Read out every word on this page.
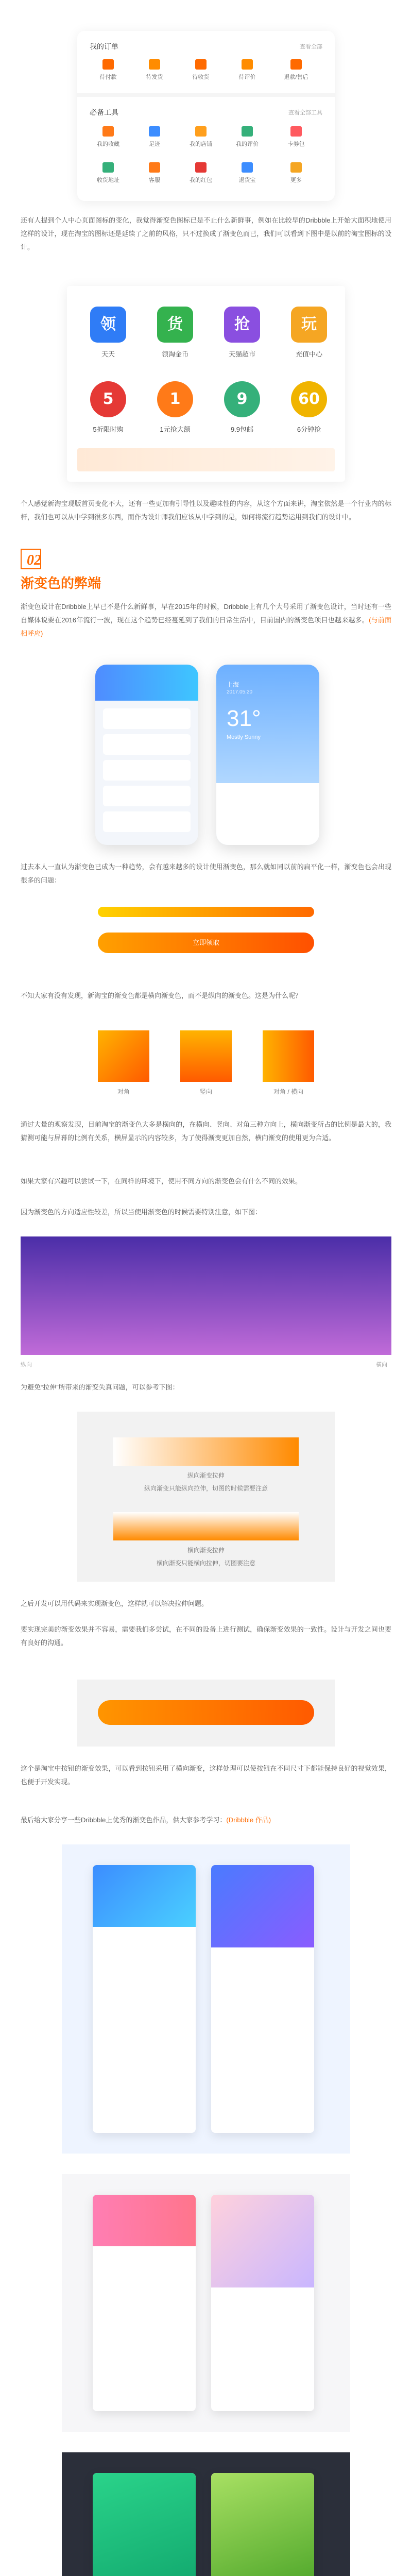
我的订单	查看全部
待付款	待发货	待收货	待评价	退款/售后
必备工具	查看全部工具
我的收藏	足迹	我的店铺	我的评价	卡券包
收货地址	客服	我的红包	退货宝	更多
还有人提到个人中心页面图标的变化，我觉得渐变色图标已是不止什么新鲜事，例如在比较早的Dribbble上开始大面积地使用这样的设计，现在淘宝的图标还是延续了之前的风格，只不过换成了渐变色而已，我们可以看到下图中是以前的淘宝图标的设计。
领	货	抢	玩
天天	领淘金币	天猫超市	充值中心
5	1	9	60
5折限时购	1元抢大额	9.9包邮	6分钟抢
个人感觉新淘宝现版首页变化不大，还有一些更加有引导性以及趣味性的内容，从这个方面来讲，淘宝依然是一个行业内的标杆，我们也可以从中学到很多东西，而作为设计师我们应该从中学到的是，如何将流行趋势运用到我们的设计中。
02
渐变色的弊端
渐变色设计在Dribbble上早已不是什么新鲜事，早在2015年的时候，Dribbble上有几个大号采用了渐变色设计，当时还有一些自媒体说要在2016年流行一波，现在这个趋势已经蔓延到了我们的日常生活中，目前国内的渐变色项目也越来越多。(与前面相呼应)
上海
2017.05.20
31°
Mostly Sunny
过去本人一直认为渐变色已成为一种趋势，会有越来越多的设计使用渐变色，那么就如同以前的扁平化一样，渐变色也会出现很多的问题：
立即领取
不知大家有没有发现，新淘宝的渐变色都是横向渐变色，而不是纵向的渐变色。这是为什么呢？
对角	竖向	对角 / 横向
通过大量的观察发现，目前淘宝的渐变色大多是横向的，在横向、竖向、对角三种方向上，横向渐变所占的比例是最大的，我猜测可能与屏幕的比例有关系，横屏显示的内容较多，为了使得渐变更加自然，横向渐变的使用更为合适。
如果大家有兴趣可以尝试一下，在同样的环境下，使用不同方向的渐变色会有什么不同的效果。
因为渐变色的方向适应性较差，所以当使用渐变色的时候需要特别注意，如下图：
纵向	横向
为避免“拉伸”所带来的渐变失真问题，可以参考下图：
纵向渐变拉伸
纵向渐变只能纵向拉伸，切图的时候需要注意
横向渐变拉伸
横向渐变只能横向拉伸，切图要注意
之后开发可以用代码来实现渐变色，这样就可以解决拉伸问题。
要实现完美的渐变效果并不容易，需要我们多尝试，在不同的设备上进行测试，确保渐变效果的一致性。设计与开发之间也要有良好的沟通。
这个是淘宝中按钮的渐变效果，可以看到按钮采用了横向渐变，这样处理可以使按钮在不同尺寸下都能保持良好的视觉效果，也便于开发实现。
最后给大家分享一些Dribbble上优秀的渐变色作品，供大家参考学习：(Dribbble 作品)
